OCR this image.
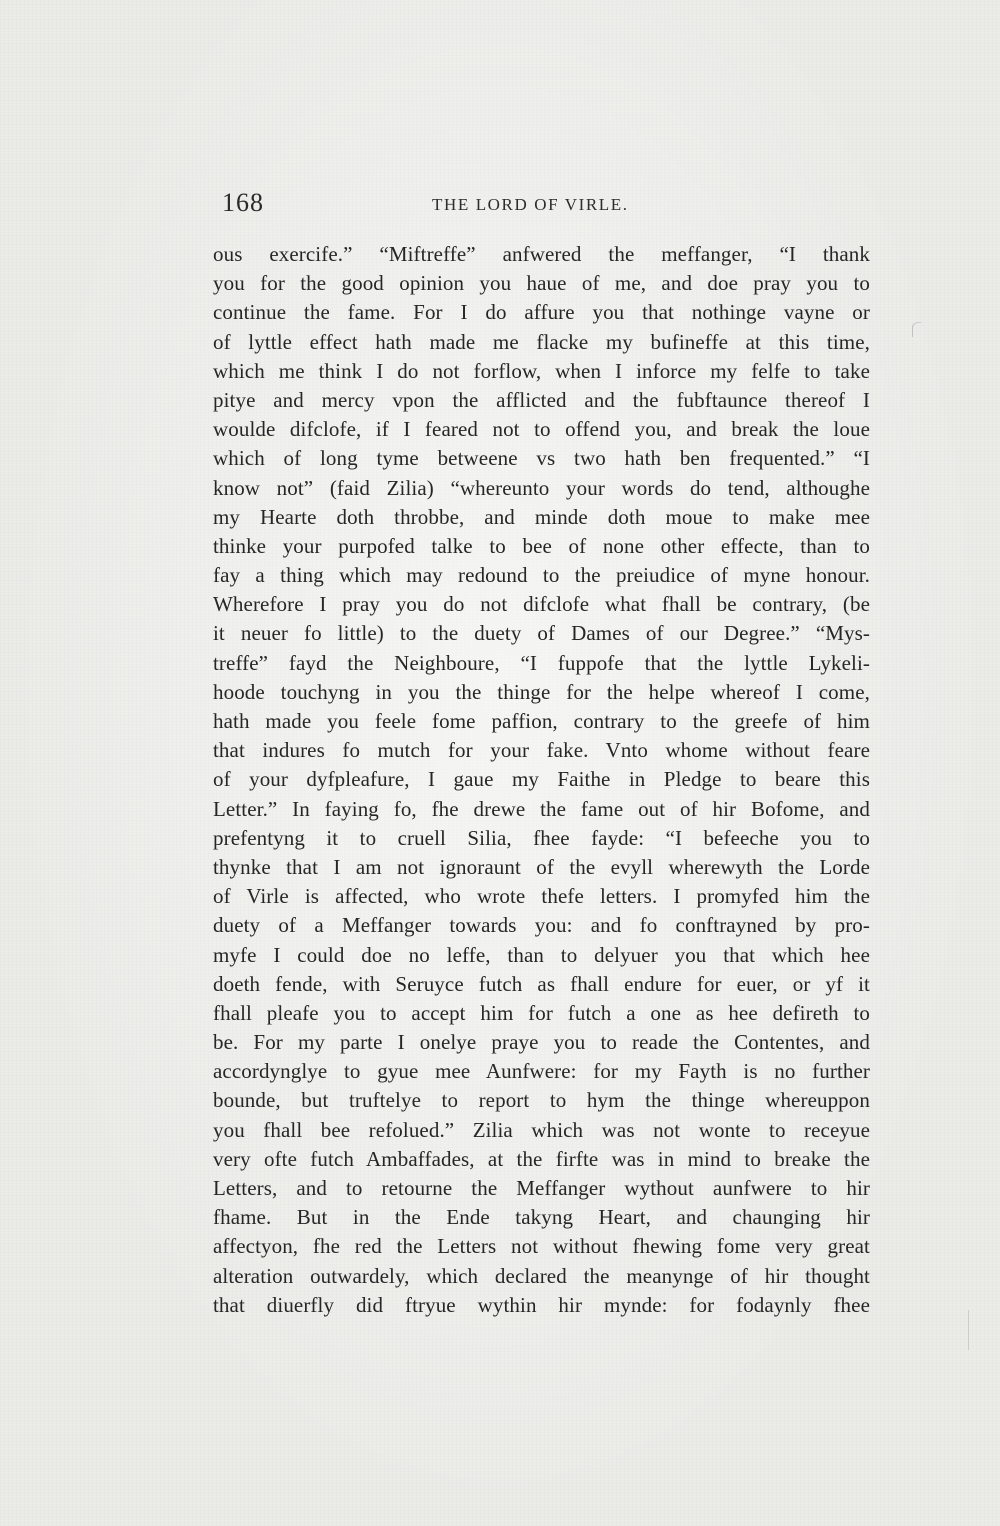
168	THE LORD OF VIRLE.
ous exercife.” “Miftreffe” anfwered the meffanger, “I thank
you for the good opinion you haue of me, and doe pray you to
continue the fame. For I do affure you that nothinge vayne or
of lyttle effect hath made me flacke my bufineffe at this time,
which me think I do not forflow, when I inforce my felfe to take
pitye and mercy vpon the afflicted and the fubftaunce thereof I
woulde difclofe, if I feared not to offend you, and break the loue
which of long tyme betweene vs two hath ben frequented.” “I
know not” (faid Zilia) “whereunto your words do tend, althoughe
my Hearte doth throbbe, and minde doth moue to make mee
thinke your purpofed talke to bee of none other effecte, than to
fay a thing which may redound to the preiudice of myne honour.
Wherefore I pray you do not difclofe what fhall be contrary, (be
it neuer fo little) to the duety of Dames of our Degree.” “Mys-
treffe” fayd the Neighboure, “I fuppofe that the lyttle Lykeli-
hoode touchyng in you the thinge for the helpe whereof I come,
hath made you feele fome paffion, contrary to the greefe of him
that indures fo mutch for your fake. Vnto whome without feare
of your dyfpleafure, I gaue my Faithe in Pledge to beare this
Letter.” In faying fo, fhe drewe the fame out of hir Bofome, and
prefentyng it to cruell Silia, fhee fayde: “I befeeche you to
thynke that I am not ignoraunt of the evyll wherewyth the Lorde
of Virle is affected, who wrote thefe letters. I promyfed him the
duety of a Meffanger towards you: and fo conftrayned by pro-
myfe I could doe no leffe, than to delyuer you that which hee
doeth fende, with Seruyce futch as fhall endure for euer, or yf it
fhall pleafe you to accept him for futch a one as hee defireth to
be. For my parte I onelye praye you to reade the Contentes, and
accordynglye to gyue mee Aunfwere: for my Fayth is no further
bounde, but truftelye to report to hym the thinge whereuppon
you fhall bee refolued.” Zilia which was not wonte to receyue
very ofte futch Ambaffades, at the firfte was in mind to breake the
Letters, and to retourne the Meffanger wythout aunfwere to hir
fhame. But in the Ende takyng Heart, and chaunging hir
affectyon, fhe red the Letters not without fhewing fome very great
alteration outwardely, which declared the meanynge of hir thought
that diuerfly did ftryue wythin hir mynde: for fodaynly fhee
